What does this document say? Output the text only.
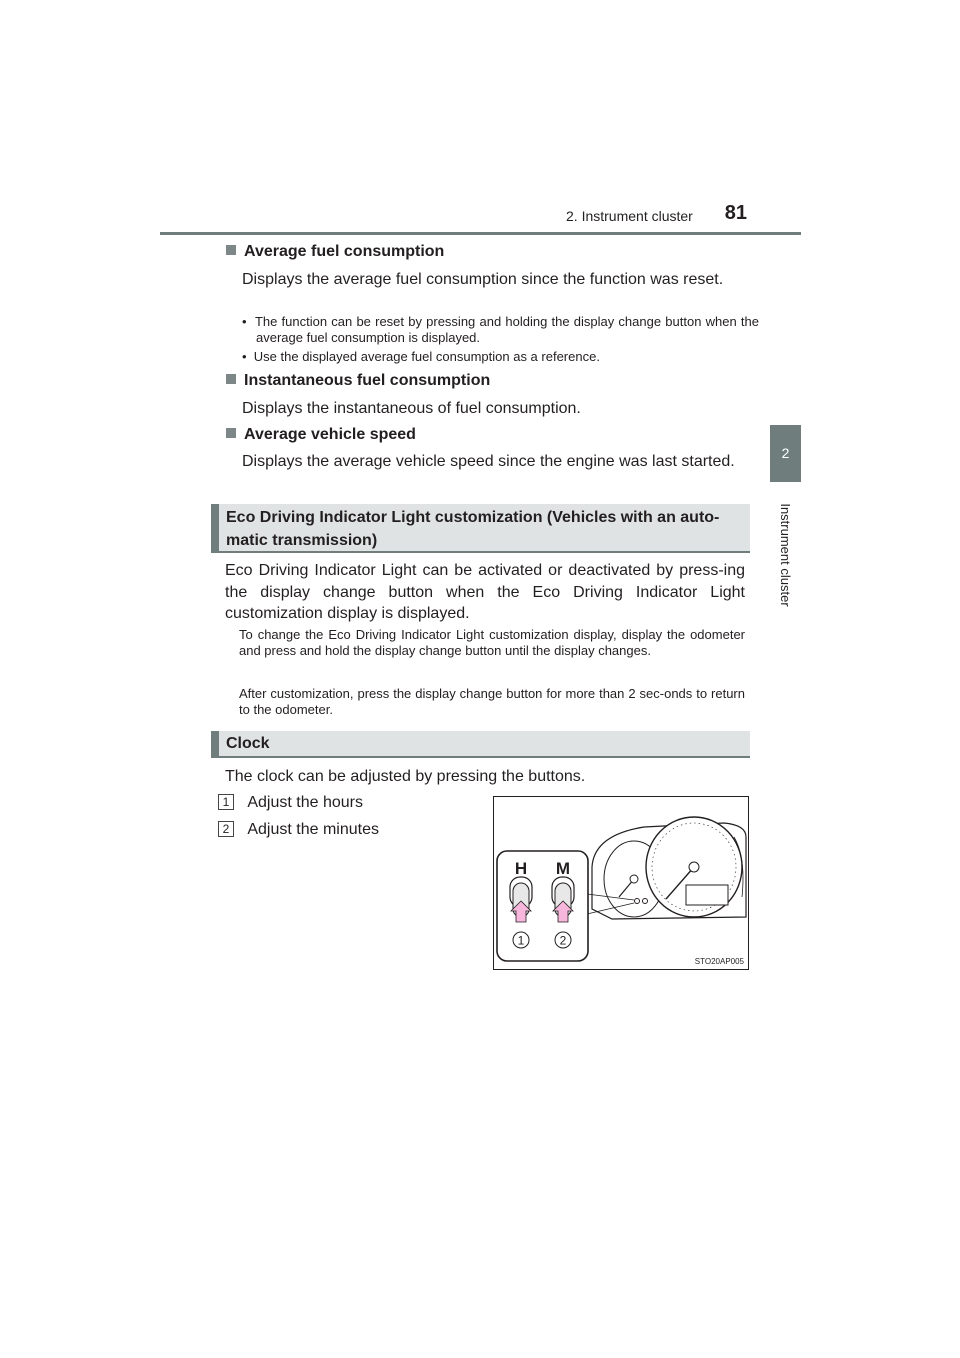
2. Instrument cluster	81
2
Instrument cluster
Average fuel consumption
Displays the average fuel consumption since the function was reset.
•  The function can be reset by pressing and holding the display change button when the average fuel consumption is displayed.
•  Use the displayed average fuel consumption as a reference.
Instantaneous fuel consumption
Displays the instantaneous of fuel consumption.
Average vehicle speed
Displays the average vehicle speed since the engine was last started.
Eco Driving Indicator Light customization (Vehicles with an auto-
matic transmission)
Eco Driving Indicator Light can be activated or deactivated by press-ing the display change button when the Eco Driving Indicator Light customization display is displayed.
To change the Eco Driving Indicator Light customization display, display the odometer and press and hold the display change button until the display changes.
After customization, press the display change button for more than 2 sec-onds to return to the odometer.
Clock
The clock can be adjusted by pressing the buttons.
1 Adjust the hours
2 Adjust the minutes
H M
1	2
STO20AP005
